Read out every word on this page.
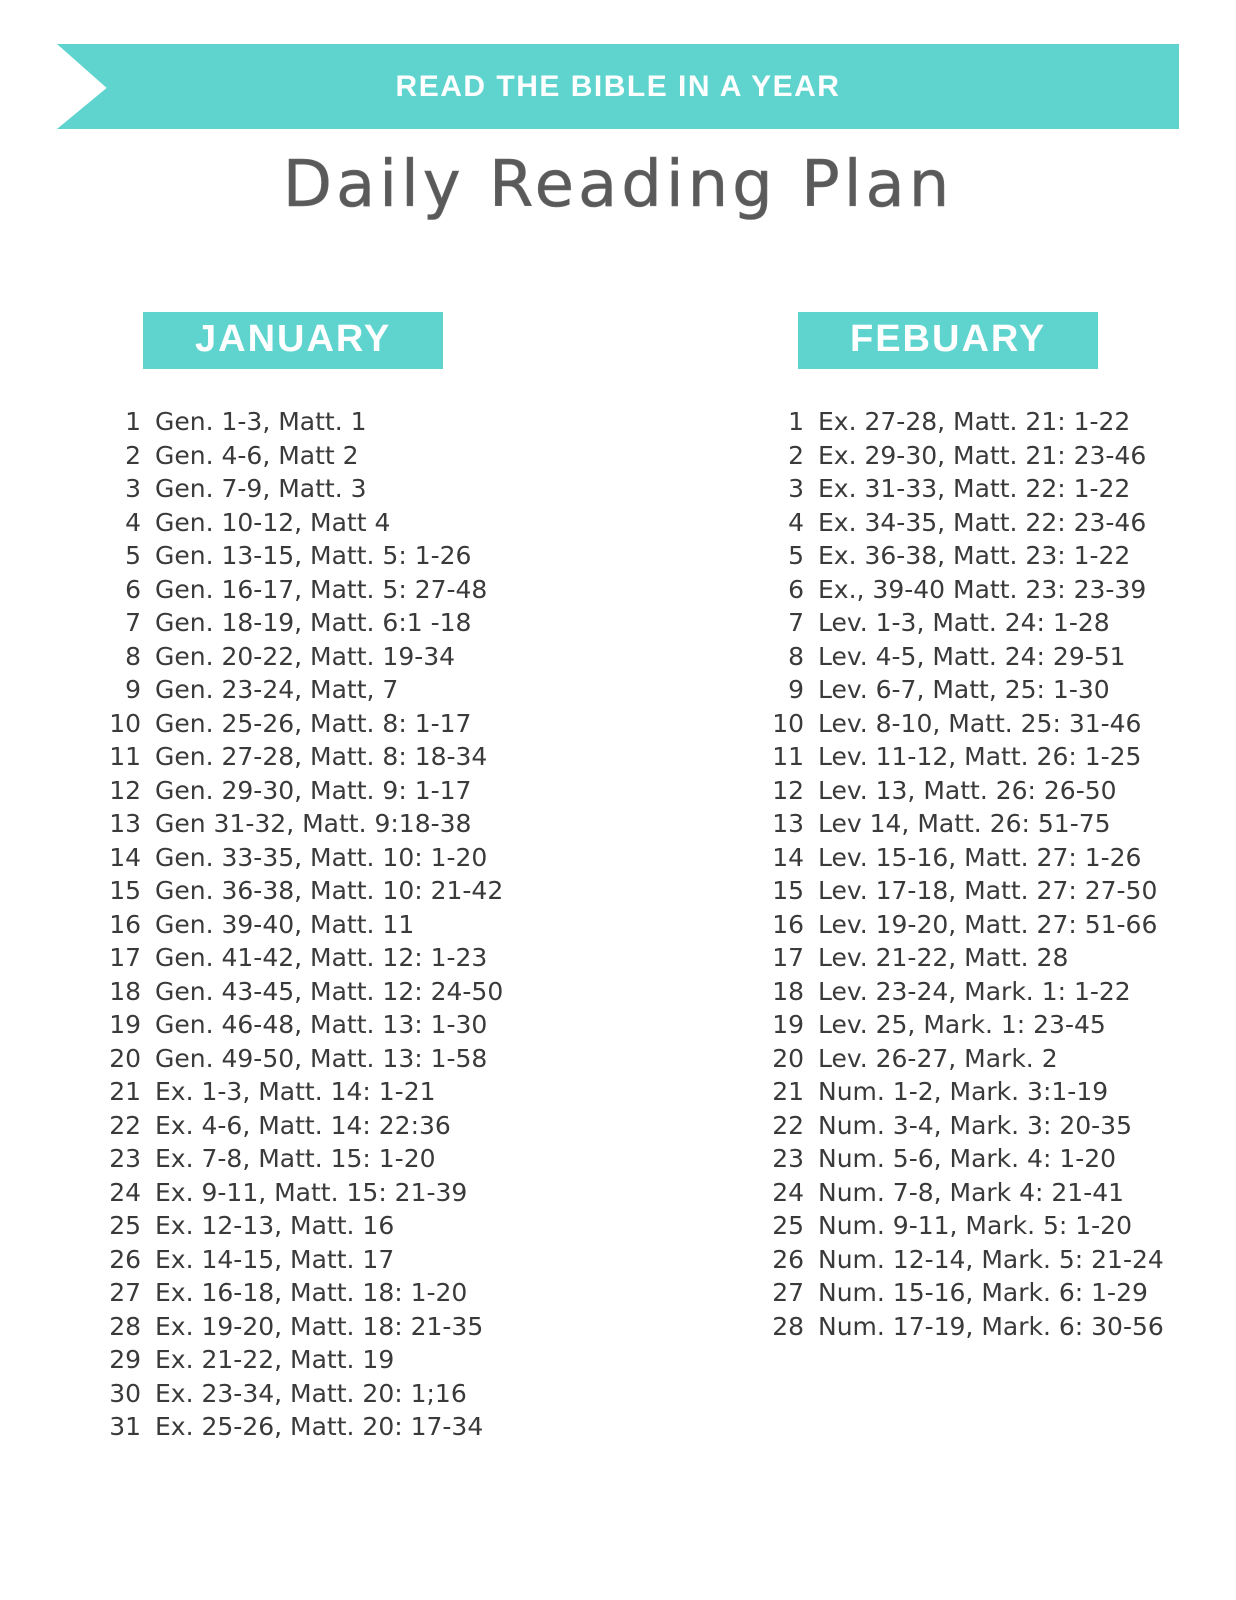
READ THE BIBLE IN A YEAR
Daily Reading Plan
JANUARY
1 Gen. 1-3, Matt. 1
2 Gen. 4-6, Matt 2
3 Gen. 7-9, Matt. 3
4 Gen. 10-12, Matt 4
5 Gen. 13-15, Matt. 5: 1-26
6 Gen. 16-17, Matt. 5: 27-48
7 Gen. 18-19, Matt. 6:1 -18
8 Gen. 20-22, Matt. 19-34
9 Gen. 23-24, Matt, 7
10 Gen. 25-26, Matt. 8: 1-17
11 Gen. 27-28, Matt. 8: 18-34
12 Gen. 29-30, Matt. 9: 1-17
13 Gen 31-32, Matt. 9:18-38
14 Gen. 33-35, Matt. 10: 1-20
15 Gen. 36-38, Matt. 10: 21-42
16 Gen. 39-40, Matt. 11
17 Gen. 41-42, Matt. 12: 1-23
18 Gen. 43-45, Matt. 12: 24-50
19 Gen. 46-48, Matt. 13: 1-30
20 Gen. 49-50, Matt. 13: 1-58
21 Ex. 1-3, Matt. 14: 1-21
22 Ex. 4-6, Matt. 14: 22:36
23 Ex. 7-8, Matt. 15: 1-20
24 Ex. 9-11, Matt. 15: 21-39
25 Ex. 12-13, Matt. 16
26 Ex. 14-15, Matt. 17
27 Ex. 16-18, Matt. 18: 1-20
28 Ex. 19-20, Matt. 18: 21-35
29 Ex. 21-22, Matt. 19
30 Ex. 23-34, Matt. 20: 1;16
31 Ex. 25-26, Matt. 20: 17-34
FEBUARY
1 Ex. 27-28, Matt. 21: 1-22
2 Ex. 29-30, Matt. 21: 23-46
3 Ex. 31-33, Matt. 22: 1-22
4 Ex. 34-35, Matt. 22: 23-46
5 Ex. 36-38, Matt. 23: 1-22
6 Ex., 39-40 Matt. 23: 23-39
7 Lev. 1-3, Matt. 24: 1-28
8 Lev. 4-5, Matt. 24: 29-51
9 Lev. 6-7, Matt, 25: 1-30
10 Lev. 8-10, Matt. 25: 31-46
11 Lev. 11-12, Matt. 26: 1-25
12 Lev. 13, Matt. 26: 26-50
13 Lev 14, Matt. 26: 51-75
14 Lev. 15-16, Matt. 27: 1-26
15 Lev. 17-18, Matt. 27: 27-50
16 Lev. 19-20, Matt. 27: 51-66
17 Lev. 21-22, Matt. 28
18 Lev. 23-24, Mark. 1: 1-22
19 Lev. 25, Mark. 1: 23-45
20 Lev. 26-27, Mark. 2
21 Num. 1-2, Mark. 3:1-19
22 Num. 3-4, Mark. 3: 20-35
23 Num. 5-6, Mark. 4: 1-20
24 Num. 7-8, Mark 4: 21-41
25 Num. 9-11, Mark. 5: 1-20
26 Num. 12-14, Mark. 5: 21-24
27 Num. 15-16, Mark. 6: 1-29
28 Num. 17-19, Mark. 6: 30-56
